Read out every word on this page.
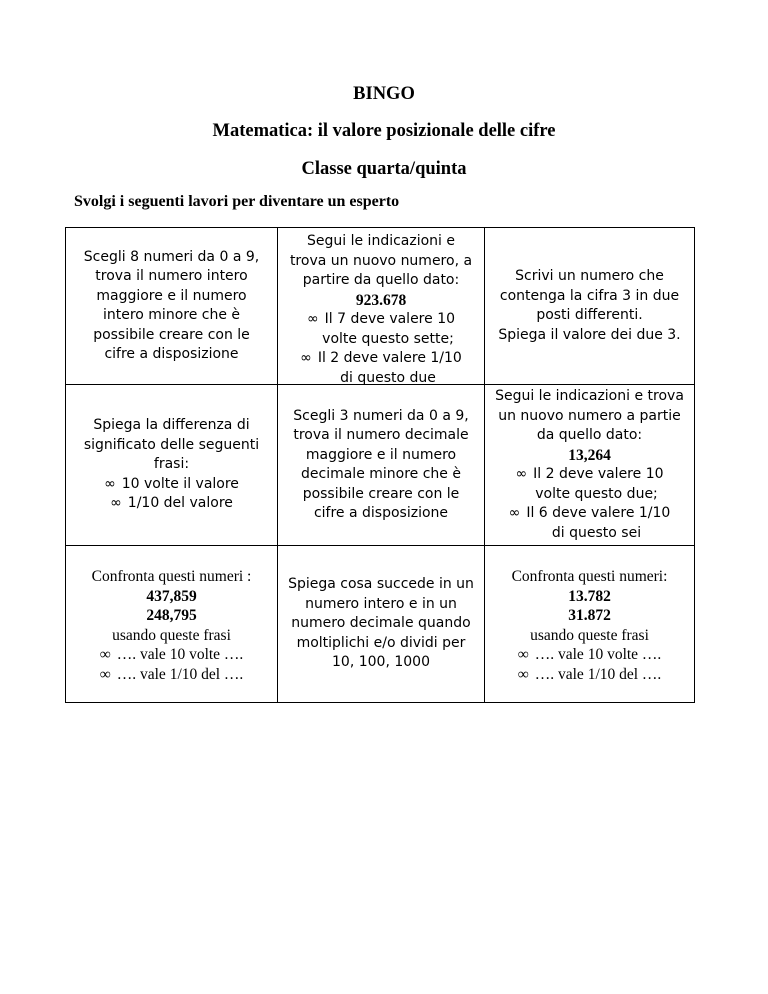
BINGO
Matematica: il valore posizionale delle cifre
Classe quarta/quinta
Svolgi i seguenti lavori per diventare un esperto
Scegli 8 numeri da 0 a 9,
trova il numero intero
maggiore e il numero
intero minore che è
possibile creare con le
cifre a disposizione
Segui le indicazioni e
trova un nuovo numero, a
partire da quello dato:
923.678
∞ Il 7 deve valere 10
volte questo sette;
∞ Il 2 deve valere 1/10
di questo due
Scrivi un numero che
contenga la cifra 3 in due
posti differenti.
Spiega il valore dei due 3.
Spiega la differenza di
significato delle seguenti
frasi:
∞ 10 volte il valore
∞ 1/10 del valore
Scegli 3 numeri da 0 a 9,
trova il numero decimale
maggiore e il numero
decimale minore che è
possibile creare con le
cifre a disposizione
Segui le indicazioni e trova
un nuovo numero a partie
da quello dato:
13,264
∞ Il 2 deve valere 10
volte questo due;
∞ Il 6 deve valere 1/10
di questo sei
Confronta questi numeri :
437,859
248,795
usando queste frasi
∞ …. vale 10 volte ….
∞ …. vale 1/10 del ….
Spiega cosa succede in un
numero intero e in un
numero decimale quando
moltiplichi e/o dividi per
10, 100, 1000
Confronta questi numeri:
13.782
31.872
usando queste frasi
∞ …. vale 10 volte ….
∞ …. vale 1/10 del ….
